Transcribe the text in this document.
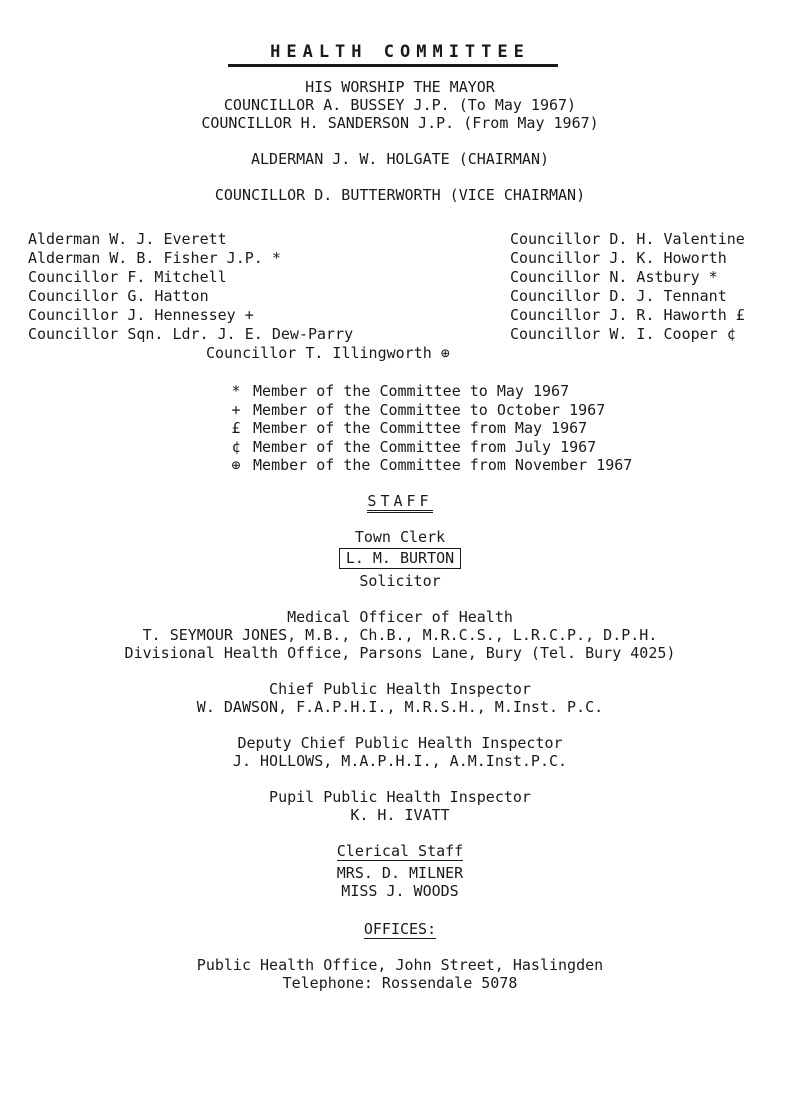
HEALTH COMMITTEE
HIS WORSHIP THE MAYOR
COUNCILLOR A. BUSSEY J.P. (To May 1967)
COUNCILLOR H. SANDERSON J.P. (From May 1967)
ALDERMAN J. W. HOLGATE (CHAIRMAN)
COUNCILLOR D. BUTTERWORTH (VICE CHAIRMAN)
Alderman W. J. Everett
Alderman W. B. Fisher J.P. *
Councillor F. Mitchell
Councillor G. Hatton
Councillor J. Hennessey +
Councillor Sqn. Ldr. J. E. Dew-Parry
Councillor D. H. Valentine
Councillor J. K. Howorth
Councillor N. Astbury *
Councillor D. J. Tennant
Councillor J. R. Haworth £
Councillor W. I. Cooper ¢
Councillor T. Illingworth ⊕
* Member of the Committee to May 1967
+ Member of the Committee to October 1967
£ Member of the Committee from May 1967
¢ Member of the Committee from July 1967
⊕ Member of the Committee from November 1967
STAFF
Town Clerk
L. M. BURTON
Solicitor
Medical Officer of Health
T. SEYMOUR JONES, M.B., Ch.B., M.R.C.S., L.R.C.P., D.P.H.
Divisional Health Office, Parsons Lane, Bury (Tel. Bury 4025)
Chief Public Health Inspector
W. DAWSON, F.A.P.H.I., M.R.S.H., M.Inst. P.C.
Deputy Chief Public Health Inspector
J. HOLLOWS, M.A.P.H.I., A.M.Inst.P.C.
Pupil Public Health Inspector
K. H. IVATT
Clerical Staff
MRS. D. MILNER
MISS J. WOODS
OFFICES:
Public Health Office, John Street, Haslingden
Telephone: Rossendale 5078
